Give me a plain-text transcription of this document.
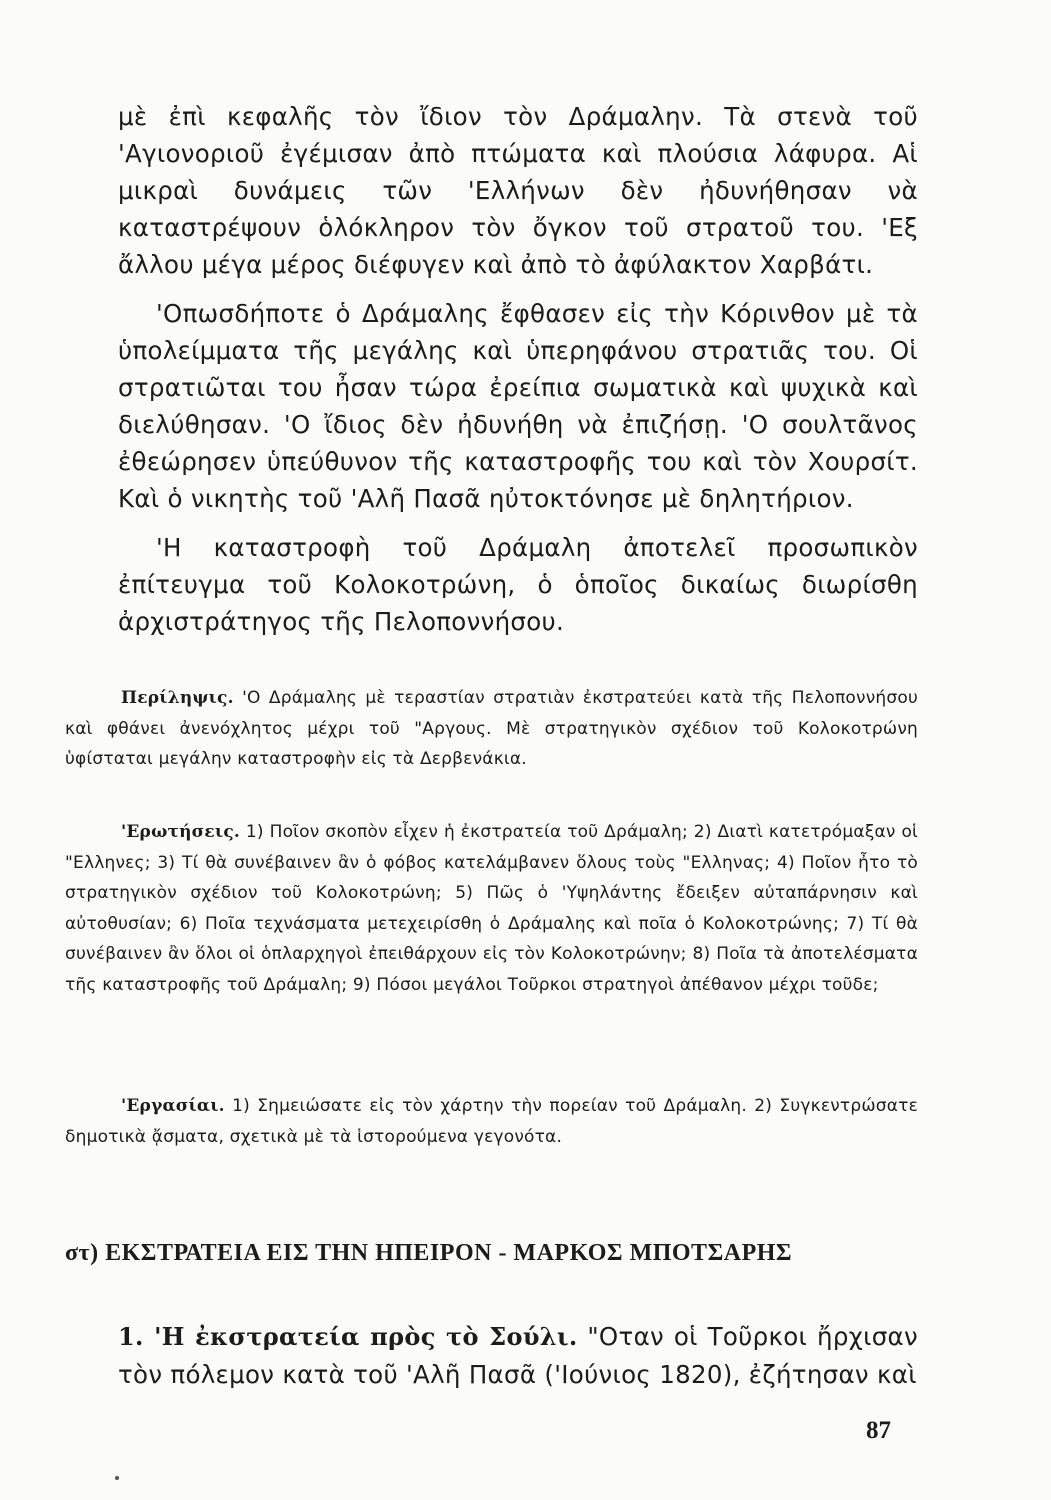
μὲ ἐπὶ κεφαλῆς τὸν ἴδιον τὸν Δράμαλην. Τὰ στενὰ τοῦ 'Αγιονοριοῦ ἐγέμισαν ἀπὸ πτώματα καὶ πλούσια λάφυρα. Αἱ μικραὶ δυνάμεις τῶν 'Ελλήνων δὲν ἠδυνήθησαν νὰ καταστρέψουν ὁλόκληρον τὸν ὄγκον τοῦ στρατοῦ του. 'Εξ ἄλλου μέγα μέρος διέφυγεν καὶ ἀπὸ τὸ ἀφύλακτον Χαρβάτι.

'Οπωσδήποτε ὁ Δράμαλης ἔφθασεν εἰς τὴν Κόρινθον μὲ τὰ ὑπολείμματα τῆς μεγάλης καὶ ὑπερηφάνου στρατιᾶς του. Οἱ στρατιῶται του ἦσαν τώρα ἐρείπια σωματικὰ καὶ ψυχικὰ καὶ διελύθησαν. 'Ο ἴδιος δὲν ἠδυνήθη νὰ ἐπιζήσῃ. 'Ο σουλτᾶνος ἐθεώρησεν ὑπεύθυνον τῆς καταστροφῆς του καὶ τὸν Χουρσίτ. Καὶ ὁ νικητὴς τοῦ 'Αλῆ Πασᾶ ηὐτοκτόνησε μὲ δηλητήριον.

'Η καταστροφὴ τοῦ Δράμαλη ἀποτελεῖ προσωπικὸν ἐπίτευγμα τοῦ Κολοκοτρώνη, ὁ ὁποῖος δικαίως διωρίσθη ἀρχιστράτηγος τῆς Πελοποννήσου.

Περίληψις. 'Ο Δράμαλης μὲ τεραστίαν στρατιὰν ἐκστρατεύει κατὰ τῆς Πελοποννήσου καὶ φθάνει ἀνενόχλητος μέχρι τοῦ "Αργους. Μὲ στρατηγικὸν σχέδιον τοῦ Κολοκοτρώνη ὑφίσταται μεγάλην καταστροφὴν εἰς τὰ Δερβενάκια.

'Ερωτήσεις. 1) Ποῖον σκοπὸν εἶχεν ἡ ἐκστρατεία τοῦ Δράμαλη; 2) Διατὶ κατετρόμαξαν οἱ "Ελληνες; 3) Τί θὰ συνέβαινεν ἂν ὁ φόβος κατελάμβανεν ὅλους τοὺς "Ελληνας; 4) Ποῖον ἦτο τὸ στρατηγικὸν σχέδιον τοῦ Κολοκοτρώνη; 5) Πῶς ὁ 'Υψηλάντης ἔδειξεν αὐταπάρνησιν καὶ αὐτοθυσίαν; 6) Ποῖα τεχνάσματα μετεχειρίσθη ὁ Δράμαλης καὶ ποῖα ὁ Κολοκοτρώνης; 7) Τί θὰ συνέβαινεν ἂν ὅλοι οἱ ὁπλαρχηγοὶ ἐπειθάρχουν εἰς τὸν Κολοκοτρώνην; 8) Ποῖα τὰ ἀποτελέσματα τῆς καταστροφῆς τοῦ Δράμαλη; 9) Πόσοι μεγάλοι Τοῦρκοι στρατηγοὶ ἀπέθανον μέχρι τοῦδε;

'Εργασίαι. 1) Σημειώσατε εἰς τὸν χάρτην τὴν πορείαν τοῦ Δράμαλη. 2) Συγκεντρώσατε δημοτικὰ ᾄσματα, σχετικὰ μὲ τὰ ἱστορούμενα γεγονότα.

στ) ΕΚΣΤΡΑΤΕΙΑ ΕΙΣ ΤΗΝ ΗΠΕΙΡΟΝ - ΜΑΡΚΟΣ ΜΠΟΤΣΑΡΗΣ

1. 'Η ἐκστρατεία πρὸς τὸ Σούλι. "Οταν οἱ Τοῦρκοι ἤρχισαν τὸν πόλεμον κατὰ τοῦ 'Αλῆ Πασᾶ ('Ιούνιος 1820), ἐζήτησαν καὶ

87
